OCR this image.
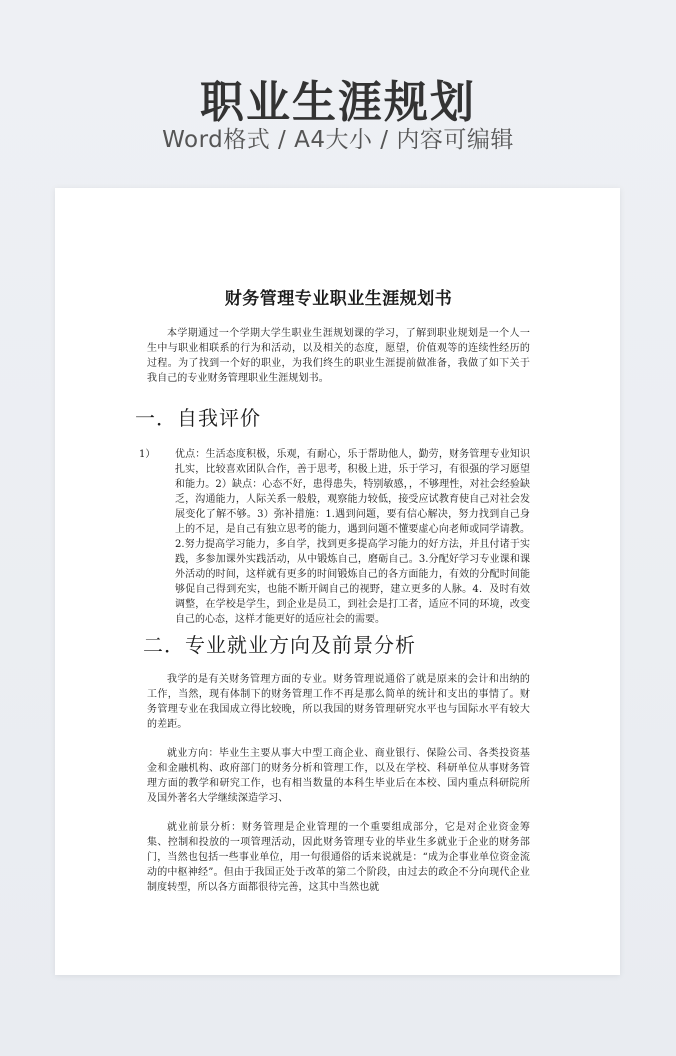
职业生涯规划
Word格式 / A4大小 / 内容可编辑
财务管理专业职业生涯规划书

本学期通过一个学期大学生职业生涯规划课的学习，了解到职业规划是一个人一生中与职业相联系的行为和活动，以及相关的态度，愿望，价值观等的连续性经历的过程。为了找到一个好的职业，为我们终生的职业生涯提前做准备，我做了如下关于我自己的专业财务管理职业生涯规划书。

一．自我评价
1） 优点：生活态度积极，乐观，有耐心，乐于帮助他人，勤劳，财务管理专业知识扎实，比较喜欢团队合作，善于思考，积极上进，乐于学习，有很强的学习愿望和能力。2）缺点：心态不好，患得患失，特别敏感，，不够理性，对社会经验缺乏，沟通能力，人际关系一般般，观察能力较低，接受应试教育使自己对社会发展变化了解不够。3）弥补措施：1.遇到问题，要有信心解决，努力找到自己身上的不足，是自己有独立思考的能力，遇到问题不懂要虚心向老师或同学请教。2.努力提高学习能力，多自学，找到更多提高学习能力的好方法，并且付诸于实践，多参加课外实践活动，从中锻炼自己，磨砺自己。3.分配好学习专业课和课外活动的时间，这样就有更多的时间锻炼自己的各方面能力，有效的分配时间能够促自己得到充实，也能不断开阔自己的视野，建立更多的人脉。4．及时有效调整，在学校是学生，到企业是员工，到社会是打工者，适应不同的环境，改变自己的心态，这样才能更好的适应社会的需要。

二．专业就业方向及前景分析

我学的是有关财务管理方面的专业。财务管理说通俗了就是原来的会计和出纳的工作，当然，现有体制下的财务管理工作不再是那么简单的统计和支出的事情了。财务管理专业在我国成立得比较晚，所以我国的财务管理研究水平也与国际水平有较大的差距。

就业方向：毕业生主要从事大中型工商企业、商业银行、保险公司、各类投资基金和金融机构、政府部门的财务分析和管理工作，以及在学校、科研单位从事财务管理方面的教学和研究工作，也有相当数量的本科生毕业后在本校、国内重点科研院所及国外著名大学继续深造学习、

就业前景分析：财务管理是企业管理的一个重要组成部分，它是对企业资金筹集、控制和投放的一项管理活动，因此财务管理专业的毕业生多就业于企业的财务部门，当然也包括一些事业单位，用一句很通俗的话来说就是：“成为企事业单位资金流动的中枢神经”。但由于我国正处于改革的第二个阶段，由过去的政企不分向现代企业制度转型，所以各方面都很待完善，这其中当然也就
